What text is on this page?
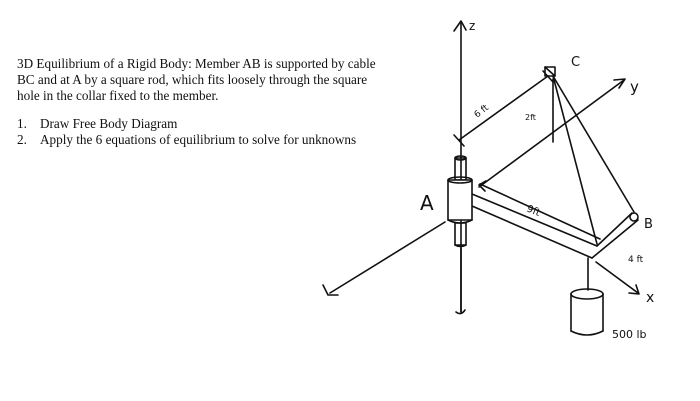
3D Equilibrium of a Rigid Body: Member AB is supported by cable BC and at A by a square rod, which fits loosely through the square hole in the collar fixed to the member.

1. Draw Free Body Diagram
2. Apply the 6 equations of equilibrium to solve for unknowns
z
y
x
A
B
C
6 ft	2ft
9ft
4 ft
500 lb
